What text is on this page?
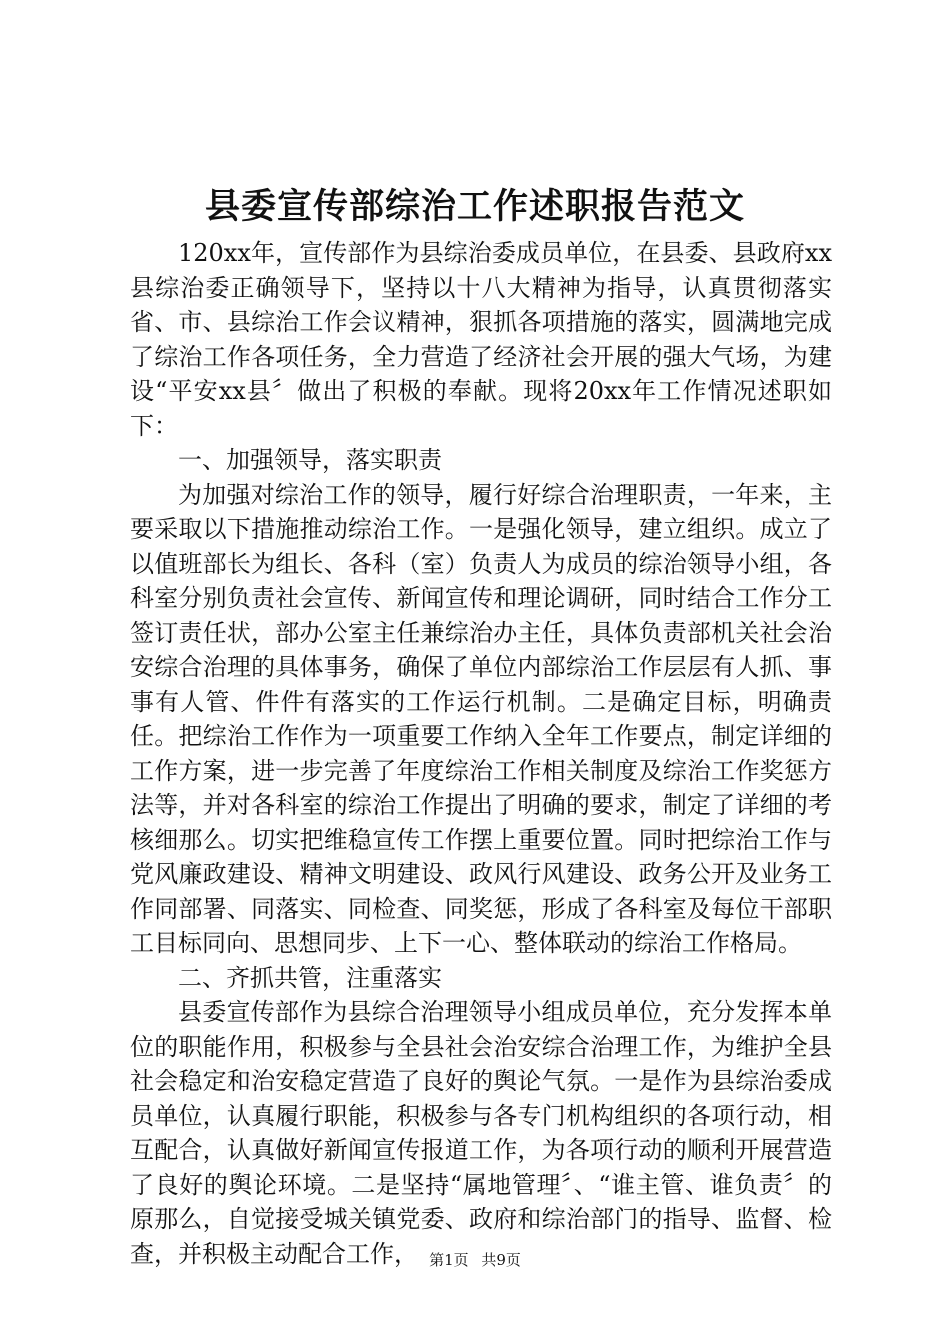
县委宣传部综治工作述职报告范文

120xx年，宣传部作为县综治委成员单位，在县委、县政府xx县综治委正确领导下，坚持以十八大精神为指导，认真贯彻落实省、市、县综治工作会议精神，狠抓各项措施的落实，圆满地完成了综治工作各项任务，全力营造了经济社会开展的强大气场，为建设“平安xx县〞做出了积极的奉献。现将20xx年工作情况述职如下：

一、加强领导，落实职责

为加强对综治工作的领导，履行好综合治理职责，一年来，主要采取以下措施推动综治工作。一是强化领导，建立组织。成立了以值班部长为组长、各科（室）负责人为成员的综治领导小组，各科室分别负责社会宣传、新闻宣传和理论调研，同时结合工作分工签订责任状，部办公室主任兼综治办主任，具体负责部机关社会治安综合治理的具体事务，确保了单位内部综治工作层层有人抓、事事有人管、件件有落实的工作运行机制。二是确定目标，明确责任。把综治工作作为一项重要工作纳入全年工作要点，制定详细的工作方案，进一步完善了年度综治工作相关制度及综治工作奖惩方法等，并对各科室的综治工作提出了明确的要求，制定了详细的考核细那么。切实把维稳宣传工作摆上重要位置。同时把综治工作与党风廉政建设、精神文明建设、政风行风建设、政务公开及业务工作同部署、同落实、同检查、同奖惩，形成了各科室及每位干部职工目标同向、思想同步、上下一心、整体联动的综治工作格局。

二、齐抓共管，注重落实

县委宣传部作为县综合治理领导小组成员单位，充分发挥本单位的职能作用，积极参与全县社会治安综合治理工作，为维护全县社会稳定和治安稳定营造了良好的舆论气氛。一是作为县综治委成员单位，认真履行职能，积极参与各专门机构组织的各项行动，相互配合，认真做好新闻宣传报道工作，为各项行动的顺利开展营造了良好的舆论环境。二是坚持“属地管理〞、“谁主管、谁负责〞的原那么，自觉接受城关镇党委、政府和综治部门的指导、监督、检查，并积极主动配合工作， 第1页 共9页
